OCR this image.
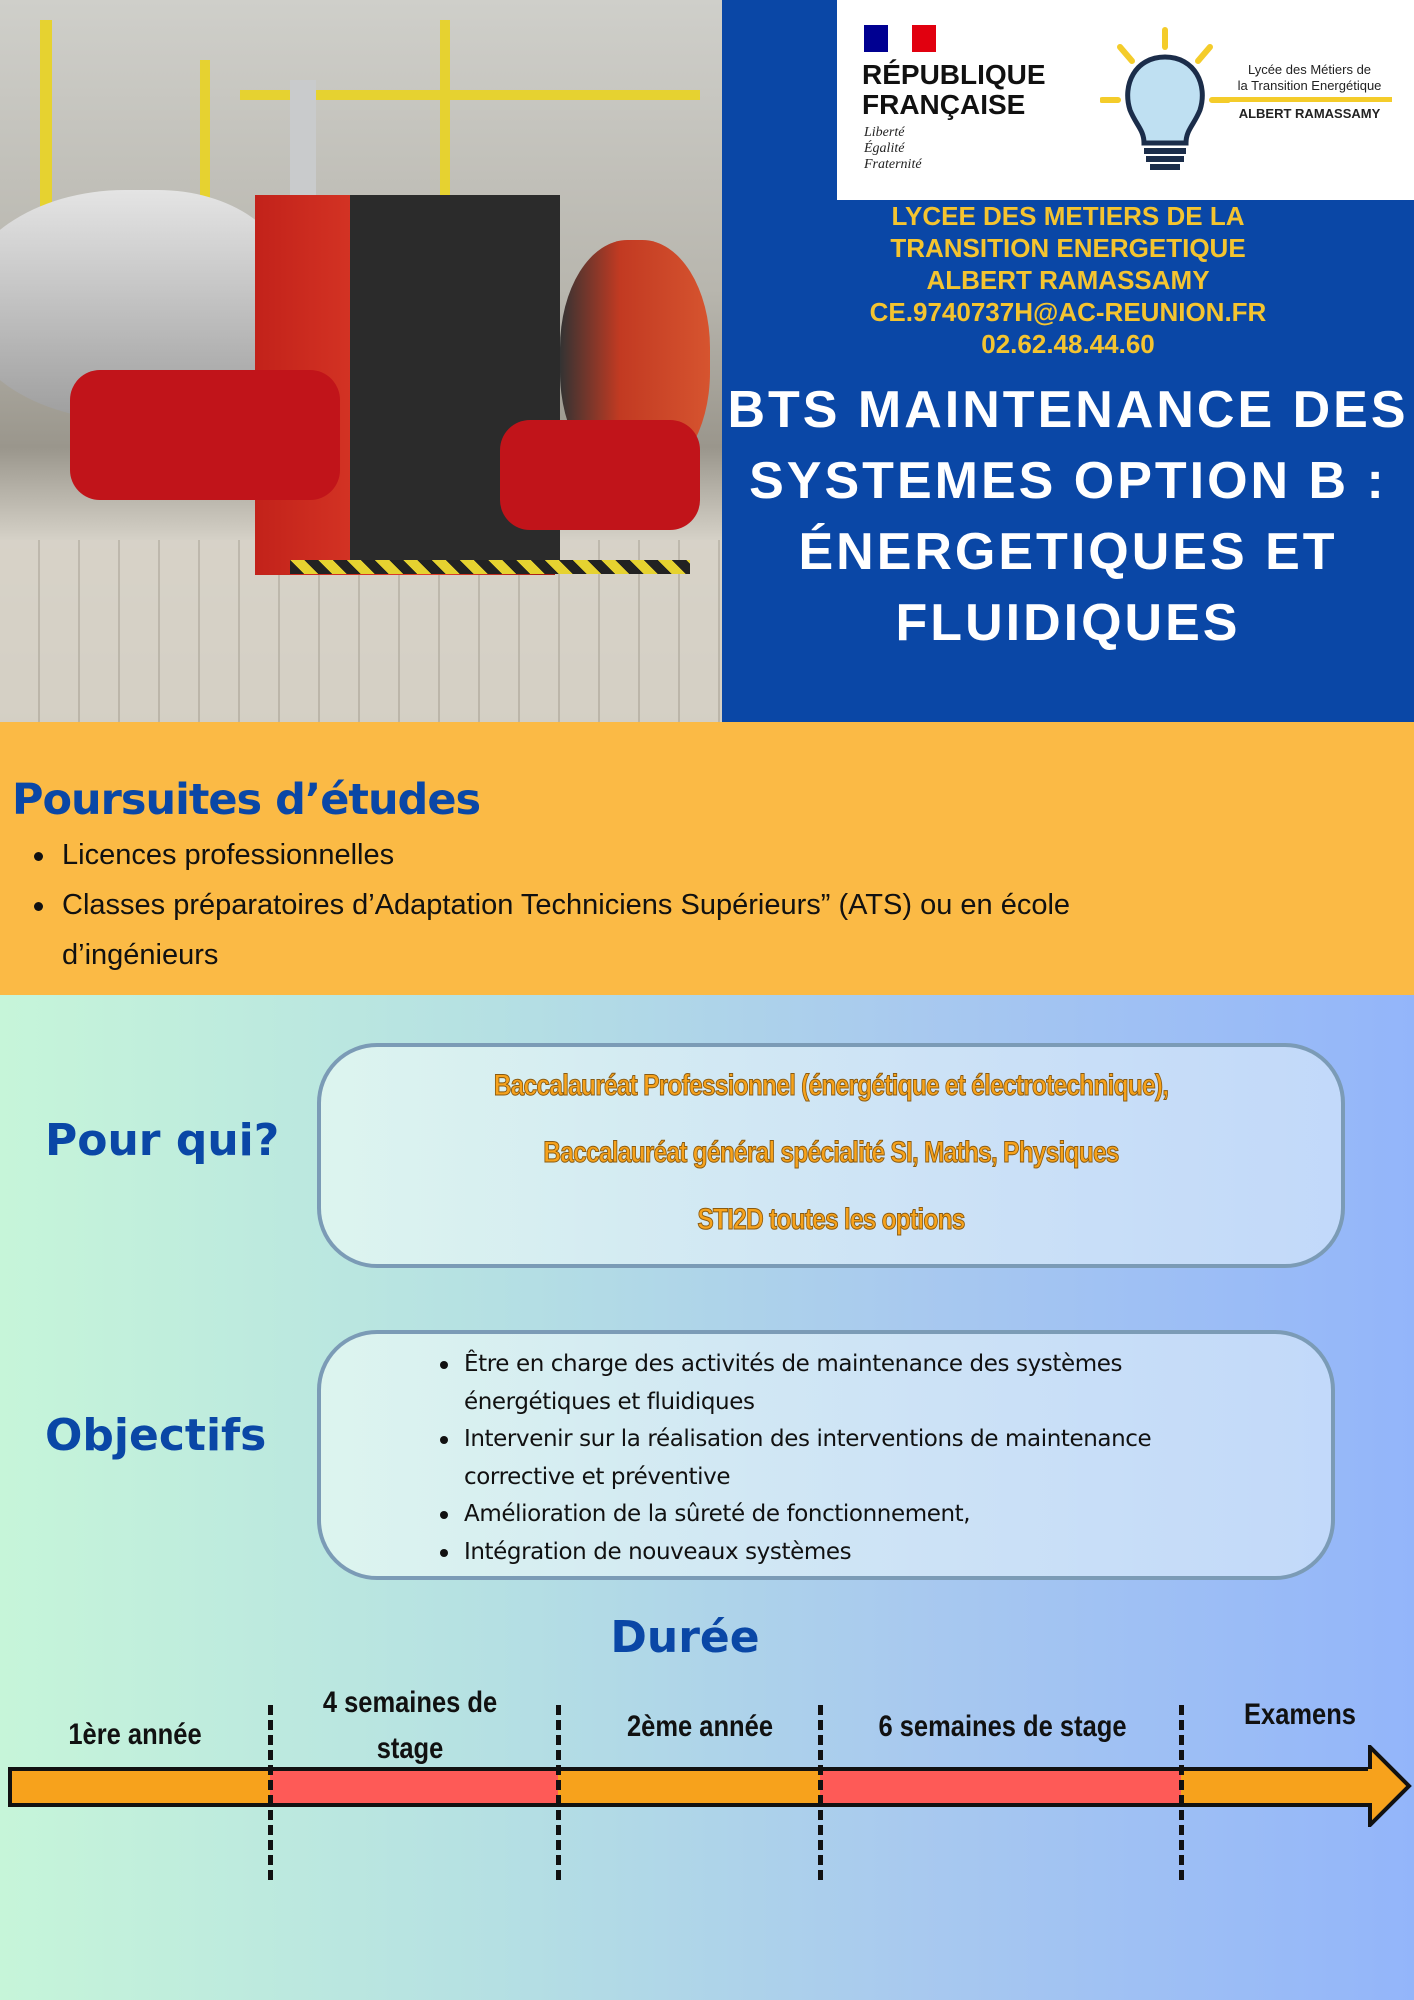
RÉPUBLIQUE
FRANÇAISE
Liberté
Égalité
Fraternité
Lycée des Métiers de
la Transition Energétique
ALBERT RAMASSAMY
LYCEE DES METIERS DE LA
TRANSITION ENERGETIQUE
ALBERT RAMASSAMY
CE.9740737H@AC-REUNION.FR
02.62.48.44.60
BTS MAINTENANCE DES
SYSTEMES OPTION B :
ÉNERGETIQUES ET
FLUIDIQUES
Poursuites d’études
Licences professionnelles
Classes préparatoires d’Adaptation Techniciens Supérieurs” (ATS) ou en école d’ingénieurs
Pour qui?
Baccalauréat Professionnel (énergétique et électrotechnique),
Baccalauréat général spécialité SI, Maths, Physiques
STI2D toutes les options
Objectifs
Être en charge des activités de maintenance des systèmes énergétiques et fluidiques
Intervenir sur la réalisation des interventions de maintenance corrective et préventive
Amélioration de la sûreté de fonctionnement,
Intégration de nouveaux systèmes
Durée
1ère année
4 semaines de stage
2ème année	6 semaines de stage	Examens
